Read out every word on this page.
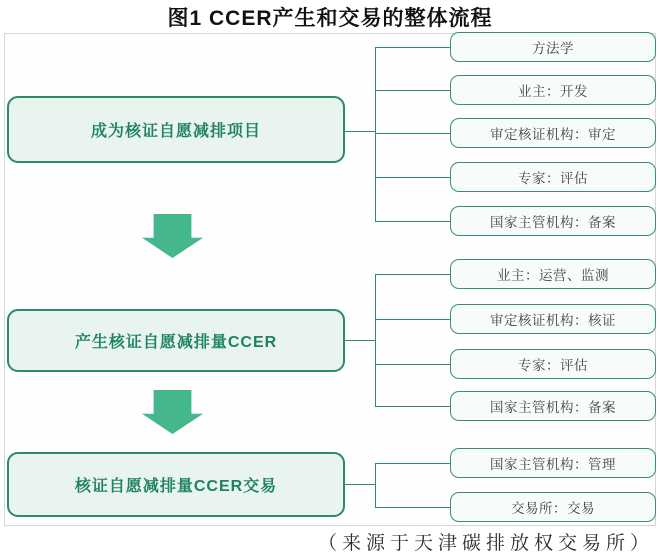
图1 CCER产生和交易的整体流程
成为核证自愿减排项目
产生核证自愿减排量CCER
核证自愿减排量CCER交易
方法学
业主：开发
审定核证机构：审定
专家：评估
国家主管机构：备案
业主：运营、监测
审定核证机构：核证
专家：评估
国家主管机构：备案
国家主管机构：管理
交易所：交易
（来源于天津碳排放权交易所）
